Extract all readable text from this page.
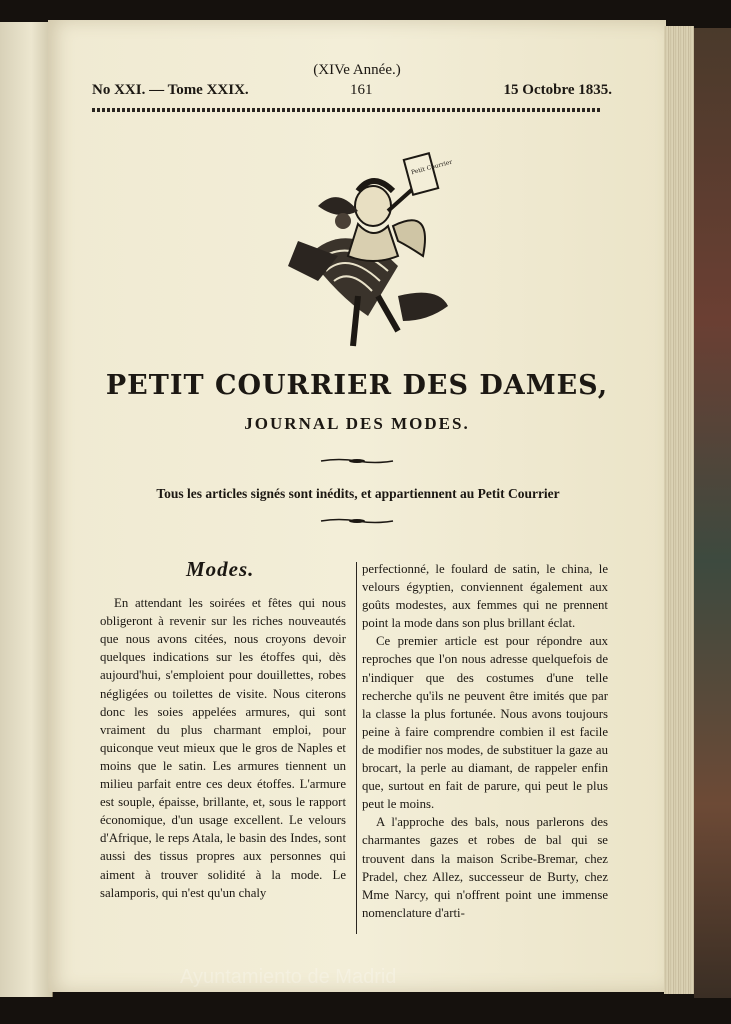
(XIVe Année.)
No XXI. — Tome XXIX.	161	15 Octobre 1835.
Petit Courrier
PETIT COURRIER DES DAMES,
JOURNAL DES MODES.
Tous les articles signés sont inédits, et appartiennent au Petit Courrier
Modes.

En attendant les soirées et fêtes qui nous obligeront à revenir sur les riches nouveautés que nous avons citées, nous croyons devoir quelques indications sur les étoffes qui, dès aujourd'hui, s'emploient pour douillettes, robes négligées ou toilettes de visite. Nous citerons donc les soies appelées armures, qui sont vraiment du plus charmant emploi, pour quiconque veut mieux que le gros de Naples et moins que le satin. Les armures tiennent un milieu parfait entre ces deux étoffes. L'armure est souple, épaisse, brillante, et, sous le rapport économique, d'un usage excellent. Le velours d'Afrique, le reps Atala, le basin des Indes, sont aussi des tissus propres aux personnes qui aiment à trouver solidité à la mode. Le salamporis, qui n'est qu'un chaly

perfectionné, le foulard de satin, le china, le velours égyptien, conviennent également aux goûts modestes, aux femmes qui ne prennent point la mode dans son plus brillant éclat.

Ce premier article est pour répondre aux reproches que l'on nous adresse quelquefois de n'indiquer que des costumes d'une telle recherche qu'ils ne peuvent être imités que par la classe la plus fortunée. Nous avons toujours peine à faire comprendre combien il est facile de modifier nos modes, de substituer la gaze au brocart, la perle au diamant, de rappeler enfin que, surtout en fait de parure, qui peut le plus peut le moins.

A l'approche des bals, nous parlerons des charmantes gazes et robes de bal qui se trouvent dans la maison Scribe-Bremar, chez Pradel, chez Allez, successeur de Burty, chez Mme Narcy, qui n'offrent point une immense nomenclature d'arti-

Ayuntamiento de Madrid
